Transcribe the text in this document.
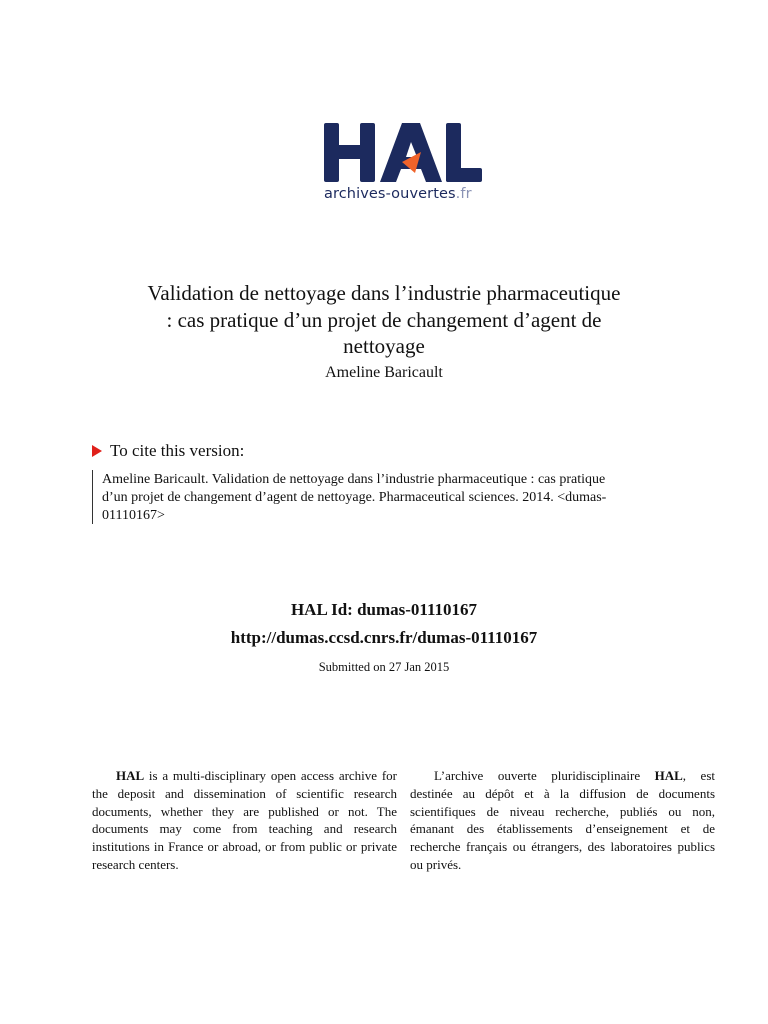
archives-ouvertes.fr
Validation de nettoyage dans l’industrie pharmaceutique
: cas pratique d’un projet de changement d’agent de
nettoyage
Ameline Baricault
To cite this version:
Ameline Baricault. Validation de nettoyage dans l’industrie pharmaceutique : cas pratique
d’un projet de changement d’agent de nettoyage. Pharmaceutical sciences. 2014. <dumas-
01110167>
HAL Id: dumas-01110167
http://dumas.ccsd.cnrs.fr/dumas-01110167
Submitted on 27 Jan 2015
HAL is a multi-disciplinary open access archive for the deposit and dissemination of scientific research documents, whether they are published or not. The documents may come from teaching and research institutions in France or abroad, or from public or private research centers.
L’archive ouverte pluridisciplinaire HAL, est destinée au dépôt et à la diffusion de documents scientifiques de niveau recherche, publiés ou non, émanant des établissements d’enseignement et de recherche français ou étrangers, des laboratoires publics ou privés.
